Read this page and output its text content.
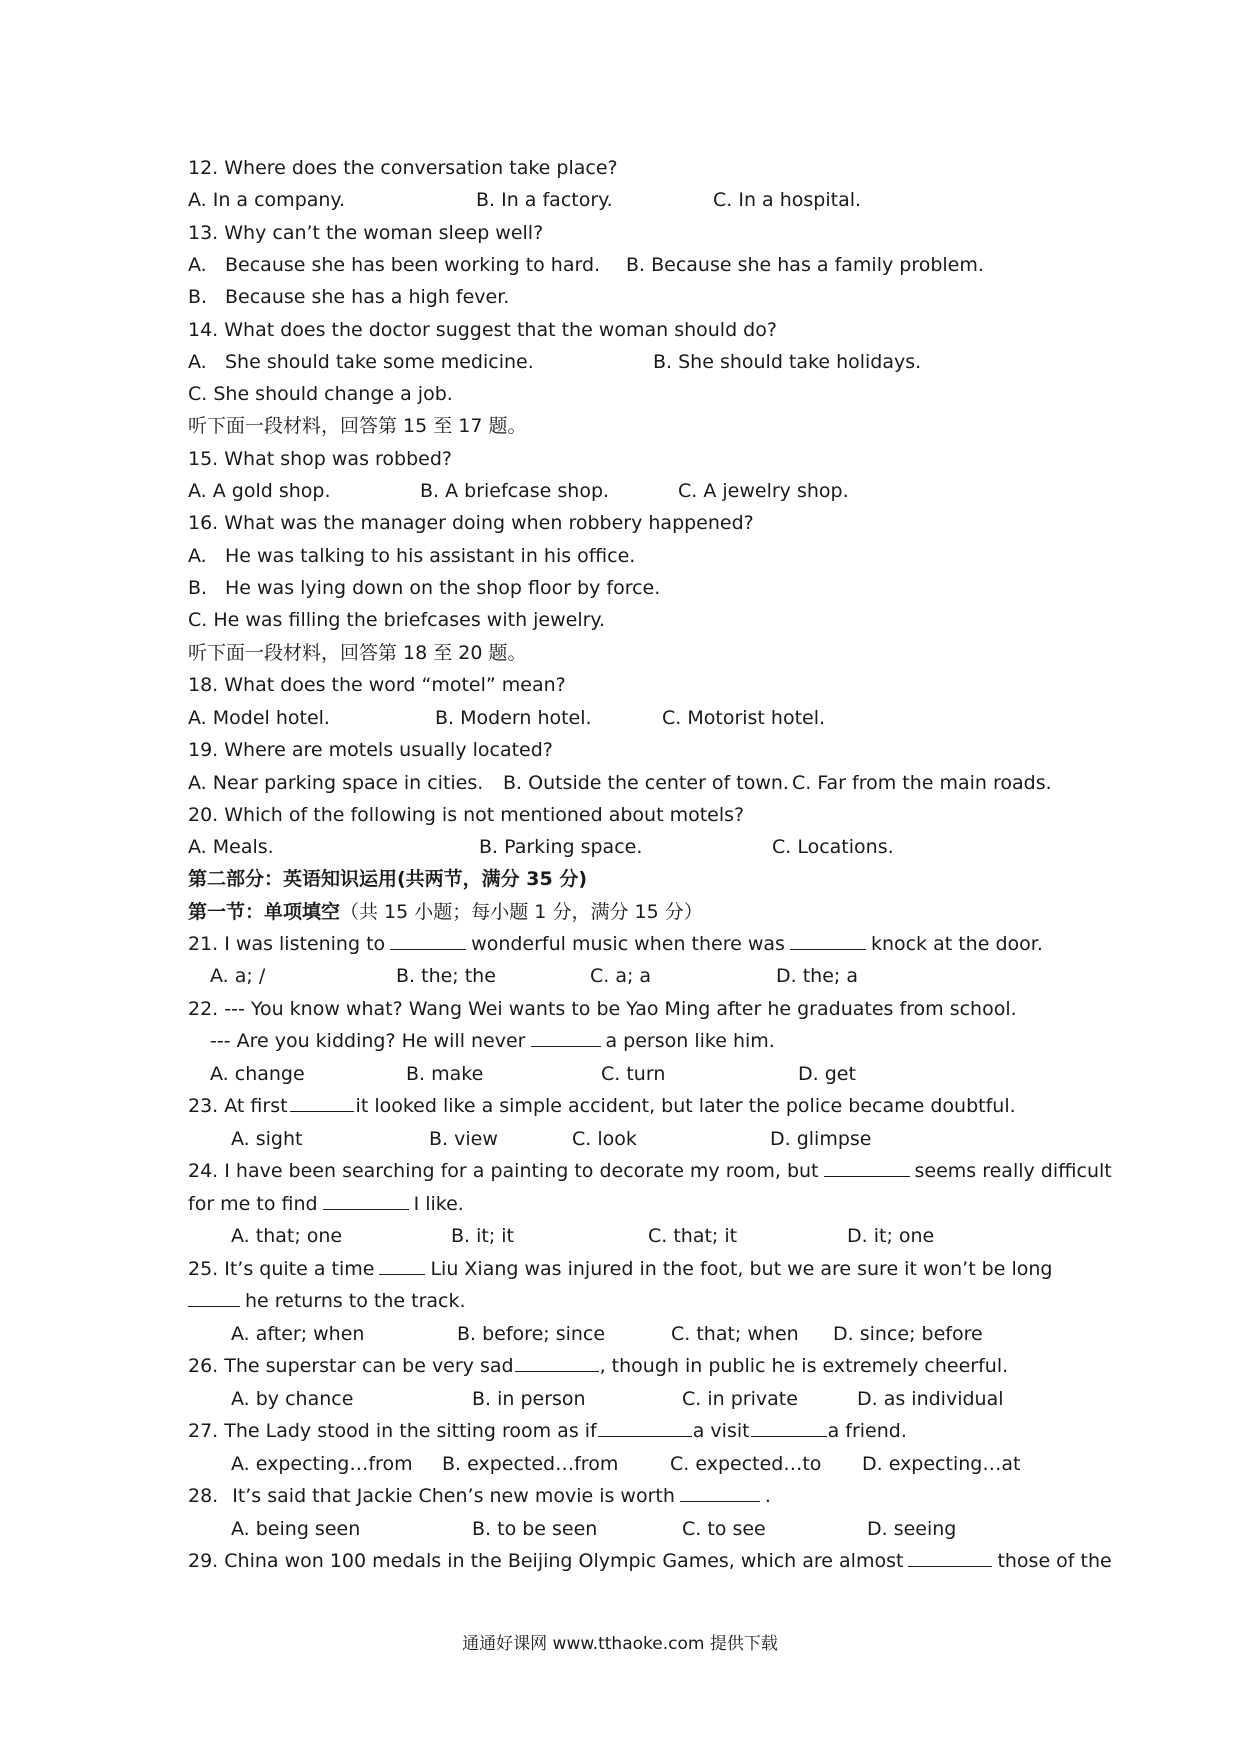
12. Where does the conversation take place?
A. In a company.	B. In a factory.	C. In a hospital.
13. Why can’t the woman sleep well?
A. Because she has been working to hard. B. Because she has a family problem.
B. Because she has a high fever.
14. What does the doctor suggest that the woman should do?
A. She should take some medicine.	B. She should take holidays.
C. She should change a job.
听下面一段材料，回答第 15 至 17 题。
15. What shop was robbed?
A. A gold shop.	B. A briefcase shop.	C. A jewelry shop.
16. What was the manager doing when robbery happened?
A. He was talking to his assistant in his office.
B. He was lying down on the shop floor by force.
C. He was filling the briefcases with jewelry.
听下面一段材料，回答第 18 至 20 题。
18. What does the word “motel” mean?
A. Model hotel.	B. Modern hotel.	C. Motorist hotel.
19. Where are motels usually located?
A. Near parking space in cities. B. Outside the center of town. C. Far from the main roads.
20. Which of the following is not mentioned about motels?
A. Meals.	B. Parking space.	C. Locations.
第二部分：英语知识运用(共两节，满分 35 分)
第一节：单项填空（共 15 小题；每小题 1 分，满分 15 分）
21. I was listening to	wonderful music when there was	knock at the door.
A. a; /	B. the; the	C. a; a	D. the; a
22. --- You know what? Wang Wei wants to be Yao Ming after he graduates from school.
--- Are you kidding? He will never	a person like him.
A. change	B. make	C. turn	D. get
23. At first	it looked like a simple accident, but later the police became doubtful.
A. sight	B. view	C. look	D. glimpse
24. I have been searching for a painting to decorate my room, but	seems really difficult
for me to find	I like.
A. that; one	B. it; it	C. that; it	D. it; one
25. It’s quite a time	Liu Xiang was injured in the foot, but we are sure it won’t be long
he returns to the track.
A. after; when	B. before; since	C. that; when D. since; before
26. The superstar can be very sad	, though in public he is extremely cheerful.
A. by chance	B. in person	C. in private	D. as individual
27. The Lady stood in the sitting room as if	a visit	a friend.
A. expecting…from B. expected…from	C. expected…to D. expecting…at
28. It’s said that Jackie Chen’s new movie is worth	.
A. being seen	B. to be seen	C. to see	D. seeing
29. China won 100 medals in the Beijing Olympic Games, which are almost	those of the
通通好课网 www.tthaoke.com 提供下载
